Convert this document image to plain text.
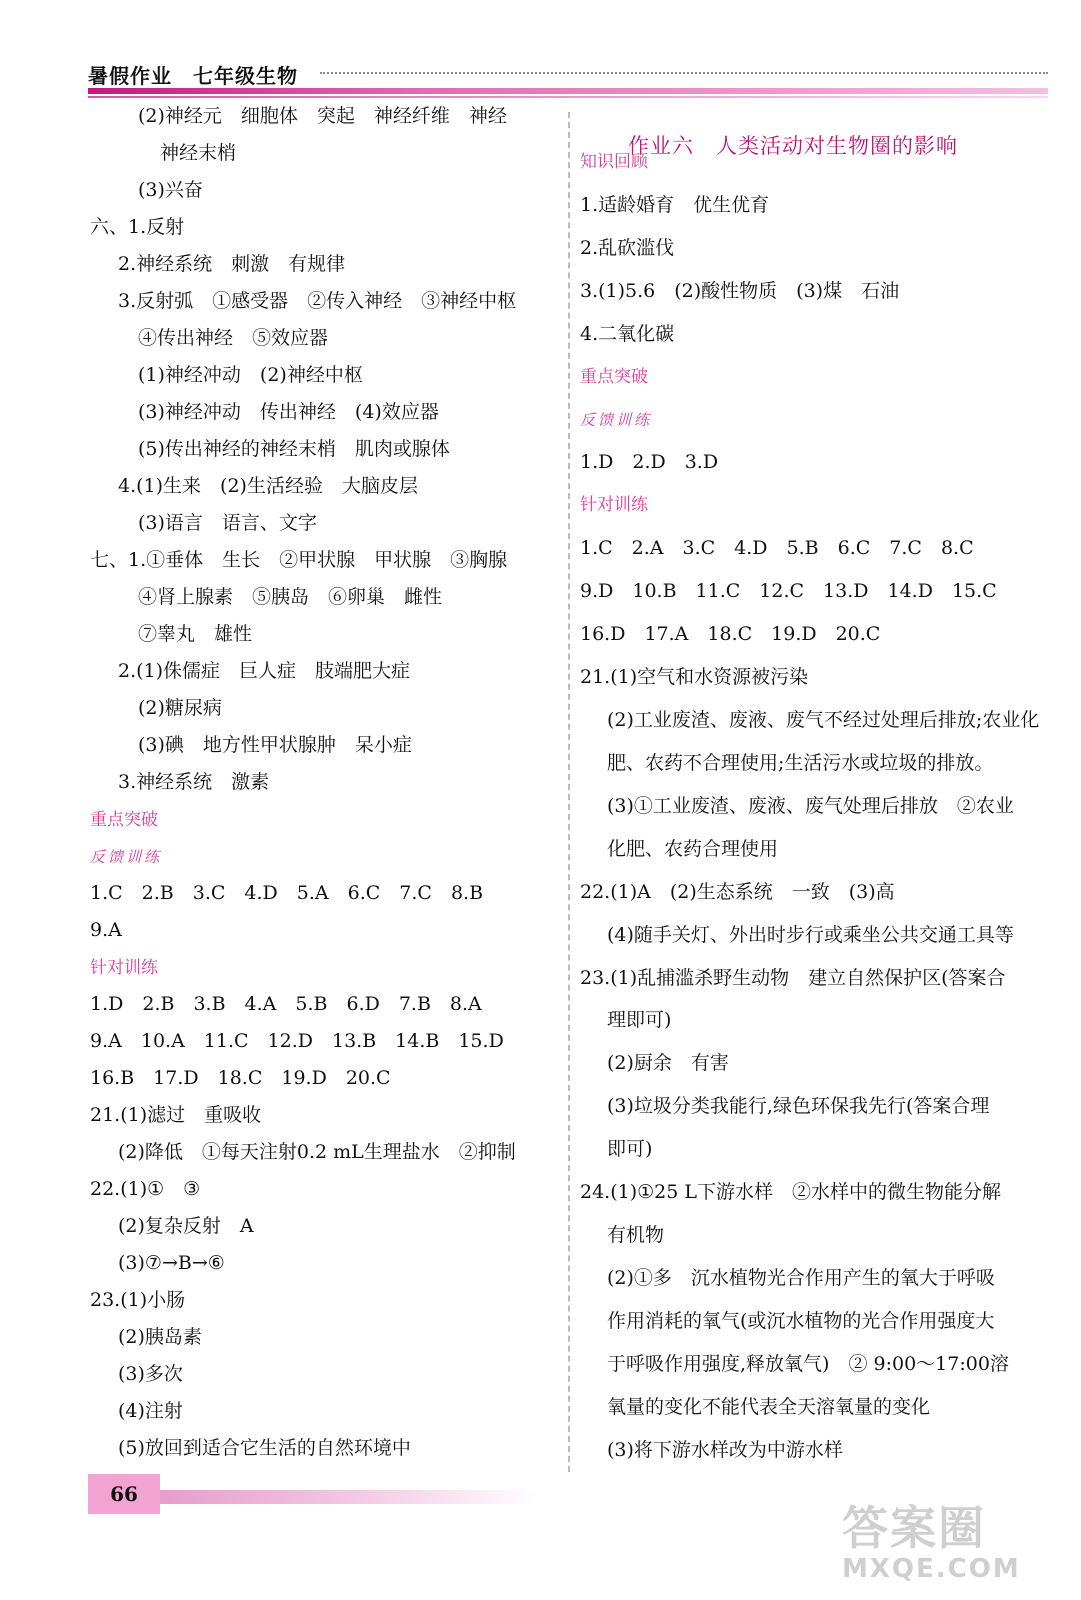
暑假作业　七年级生物
(2)神经元　细胞体　突起　神经纤维　神经
神经末梢
(3)兴奋
六、1.反射
2.神经系统　刺激　有规律
3.反射弧　①感受器　②传入神经　③神经中枢
④传出神经　⑤效应器
(1)神经冲动　(2)神经中枢
(3)神经冲动　传出神经　(4)效应器
(5)传出神经的神经末梢　肌肉或腺体
4.(1)生来　(2)生活经验　大脑皮层
(3)语言　语言、文字
七、1.①垂体　生长　②甲状腺　甲状腺　③胸腺
④肾上腺素　⑤胰岛　⑥卵巢　雌性
⑦睾丸　雄性
2.(1)侏儒症　巨人症　肢端肥大症
(2)糖尿病
(3)碘　地方性甲状腺肿　呆小症
3.神经系统　激素
重点突破
反馈训练
1.C　2.B　3.C　4.D　5.A　6.C　7.C　8.B
9.A
针对训练
1.D　2.B　3.B　4.A　5.B　6.D　7.B　8.A
9.A　10.A　11.C　12.D　13.B　14.B　15.D
16.B　17.D　18.C　19.D　20.C
21.(1)滤过　重吸收
(2)降低　①每天注射0.2 mL生理盐水　②抑制
22.(1)①　③
(2)复杂反射　A
(3)⑦→B→⑥
23.(1)小肠
(2)胰岛素
(3)多次
(4)注射
(5)放回到适合它生活的自然环境中
作业六　人类活动对生物圈的影响
知识回顾
1.适龄婚育　优生优育
2.乱砍滥伐
3.(1)5.6　(2)酸性物质　(3)煤　石油
4.二氧化碳
重点突破
反馈训练
1.D　2.D　3.D
针对训练
1.C　2.A　3.C　4.D　5.B　6.C　7.C　8.C
9.D　10.B　11.C　12.C　13.D　14.D　15.C
16.D　17.A　18.C　19.D　20.C
21.(1)空气和水资源被污染
(2)工业废渣、废液、废气不经过处理后排放;农业化
肥、农药不合理使用;生活污水或垃圾的排放。
(3)①工业废渣、废液、废气处理后排放　②农业
化肥、农药合理使用
22.(1)A　(2)生态系统　一致　(3)高
(4)随手关灯、外出时步行或乘坐公共交通工具等
23.(1)乱捕滥杀野生动物　建立自然保护区(答案合
理即可)
(2)厨余　有害
(3)垃圾分类我能行,绿色环保我先行(答案合理
即可)
24.(1)①25 L下游水样　②水样中的微生物能分解
有机物
(2)①多　沉水植物光合作用产生的氧大于呼吸
作用消耗的氧气(或沉水植物的光合作用强度大
于呼吸作用强度,释放氧气)　② 9:00～17:00溶
氧量的变化不能代表全天溶氧量的变化
(3)将下游水样改为中游水样
66
答案圈
MXQE.COM
